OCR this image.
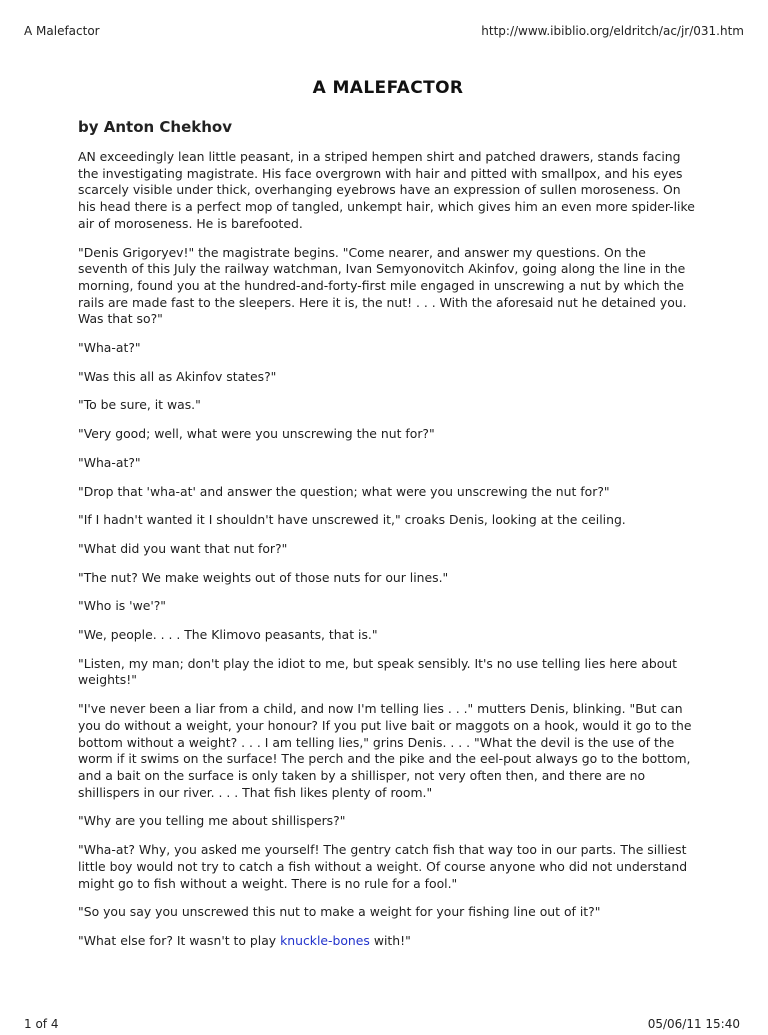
A Malefactor	http://www.ibiblio.org/eldritch/ac/jr/031.htm
A MALEFACTOR
by Anton Chekhov

AN exceedingly lean little peasant, in a striped hempen shirt and patched drawers, stands facing the investigating magistrate. His face overgrown with hair and pitted with smallpox, and his eyes scarcely visible under thick, overhanging eyebrows have an expression of sullen moroseness. On his head there is a perfect mop of tangled, unkempt hair, which gives him an even more spider-like air of moroseness. He is barefooted.

"Denis Grigoryev!" the magistrate begins. "Come nearer, and answer my questions. On the seventh of this July the railway watchman, Ivan Semyonovitch Akinfov, going along the line in the morning, found you at the hundred-and-forty-first mile engaged in unscrewing a nut by which the rails are made fast to the sleepers. Here it is, the nut! . . . With the aforesaid nut he detained you. Was that so?"

"Wha-at?"

"Was this all as Akinfov states?"

"To be sure, it was."

"Very good; well, what were you unscrewing the nut for?"

"Wha-at?"

"Drop that 'wha-at' and answer the question; what were you unscrewing the nut for?"

"If I hadn't wanted it I shouldn't have unscrewed it," croaks Denis, looking at the ceiling.

"What did you want that nut for?"

"The nut? We make weights out of those nuts for our lines."

"Who is 'we'?"

"We, people. . . . The Klimovo peasants, that is."

"Listen, my man; don't play the idiot to me, but speak sensibly. It's no use telling lies here about weights!"

"I've never been a liar from a child, and now I'm telling lies . . ." mutters Denis, blinking. "But can you do without a weight, your honour? If you put live bait or maggots on a hook, would it go to the bottom without a weight? . . . I am telling lies," grins Denis. . . . "What the devil is the use of the worm if it swims on the surface! The perch and the pike and the eel-pout always go to the bottom, and a bait on the surface is only taken by a shillisper, not very often then, and there are no shillispers in our river. . . . That fish likes plenty of room."

"Why are you telling me about shillispers?"

"Wha-at? Why, you asked me yourself! The gentry catch fish that way too in our parts. The silliest little boy would not try to catch a fish without a weight. Of course anyone who did not understand might go to fish without a weight. There is no rule for a fool."

"So you say you unscrewed this nut to make a weight for your fishing line out of it?"

"What else for? It wasn't to play knuckle-bones with!"

1 of 4	05/06/11 15:40
